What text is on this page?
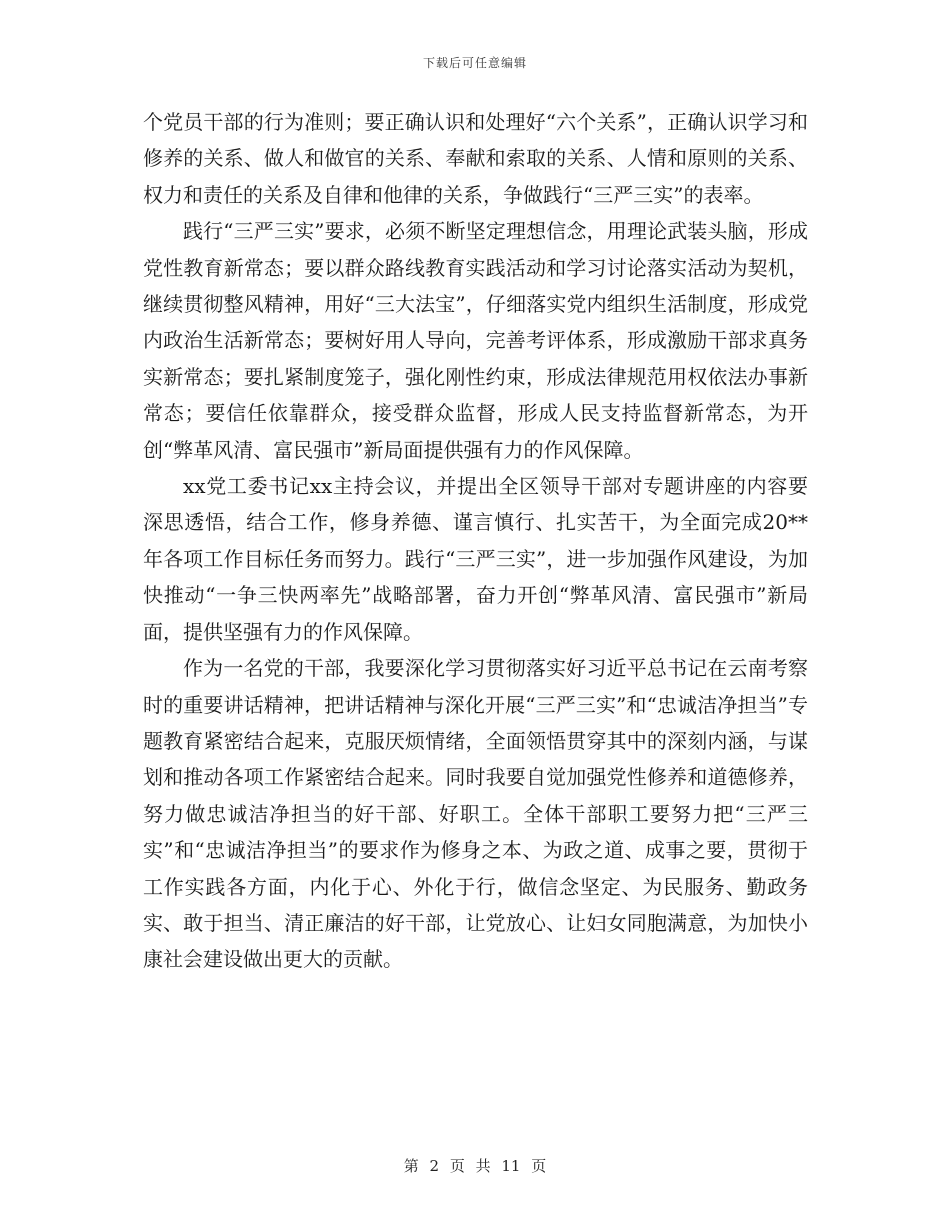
下载后可任意编辑

个党员干部的行为准则；要正确认识和处理好“六个关系”，正确认识学习和修养的关系、做人和做官的关系、奉献和索取的关系、人情和原则的关系、权力和责任的关系及自律和他律的关系，争做践行“三严三实”的表率。

践行“三严三实”要求，必须不断坚定理想信念，用理论武装头脑，形成党性教育新常态；要以群众路线教育实践活动和学习讨论落实活动为契机，继续贯彻整风精神，用好“三大法宝”，仔细落实党内组织生活制度，形成党内政治生活新常态；要树好用人导向，完善考评体系，形成激励干部求真务实新常态；要扎紧制度笼子，强化刚性约束，形成法律规范用权依法办事新常态；要信任依靠群众，接受群众监督，形成人民支持监督新常态，为开创“弊革风清、富民强市”新局面提供强有力的作风保障。

xx党工委书记xx主持会议，并提出全区领导干部对专题讲座的内容要深思透悟，结合工作，修身养德、谨言慎行、扎实苦干，为全面完成20**年各项工作目标任务而努力。践行“三严三实”，进一步加强作风建设，为加快推动“一争三快两率先”战略部署，奋力开创“弊革风清、富民强市”新局面，提供坚强有力的作风保障。

作为一名党的干部，我要深化学习贯彻落实好习近平总书记在云南考察时的重要讲话精神，把讲话精神与深化开展“三严三实”和“忠诚洁净担当”专题教育紧密结合起来，克服厌烦情绪，全面领悟贯穿其中的深刻内涵，与谋划和推动各项工作紧密结合起来。同时我要自觉加强党性修养和道德修养，努力做忠诚洁净担当的好干部、好职工。全体干部职工要努力把“三严三实”和“忠诚洁净担当”的要求作为修身之本、为政之道、成事之要，贯彻于工作实践各方面，内化于心、外化于行，做信念坚定、为民服务、勤政务实、敢于担当、清正廉洁的好干部，让党放心、让妇女同胞满意，为加快小康社会建设做出更大的贡献。

第 2 页 共 11 页
